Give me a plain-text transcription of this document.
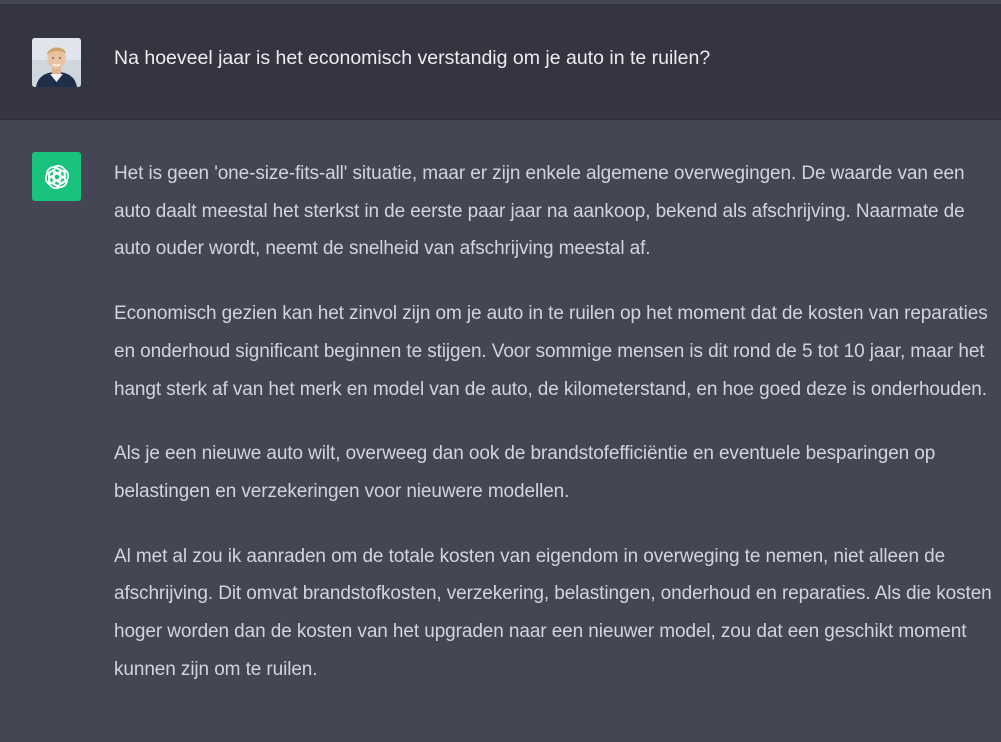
Na hoeveel jaar is het economisch verstandig om je auto in te ruilen?

Het is geen 'one-size-fits-all' situatie, maar er zijn enkele algemene overwegingen. De waarde van een auto daalt meestal het sterkst in de eerste paar jaar na aankoop, bekend als afschrijving. Naarmate de auto ouder wordt, neemt de snelheid van afschrijving meestal af.

Economisch gezien kan het zinvol zijn om je auto in te ruilen op het moment dat de kosten van reparaties en onderhoud significant beginnen te stijgen. Voor sommige mensen is dit rond de 5 tot 10 jaar, maar het hangt sterk af van het merk en model van de auto, de kilometerstand, en hoe goed deze is onderhouden.

Als je een nieuwe auto wilt, overweeg dan ook de brandstofefficiëntie en eventuele besparingen op belastingen en verzekeringen voor nieuwere modellen.

Al met al zou ik aanraden om de totale kosten van eigendom in overweging te nemen, niet alleen de afschrijving. Dit omvat brandstofkosten, verzekering, belastingen, onderhoud en reparaties. Als die kosten hoger worden dan de kosten van het upgraden naar een nieuwer model, zou dat een geschikt moment kunnen zijn om te ruilen.
